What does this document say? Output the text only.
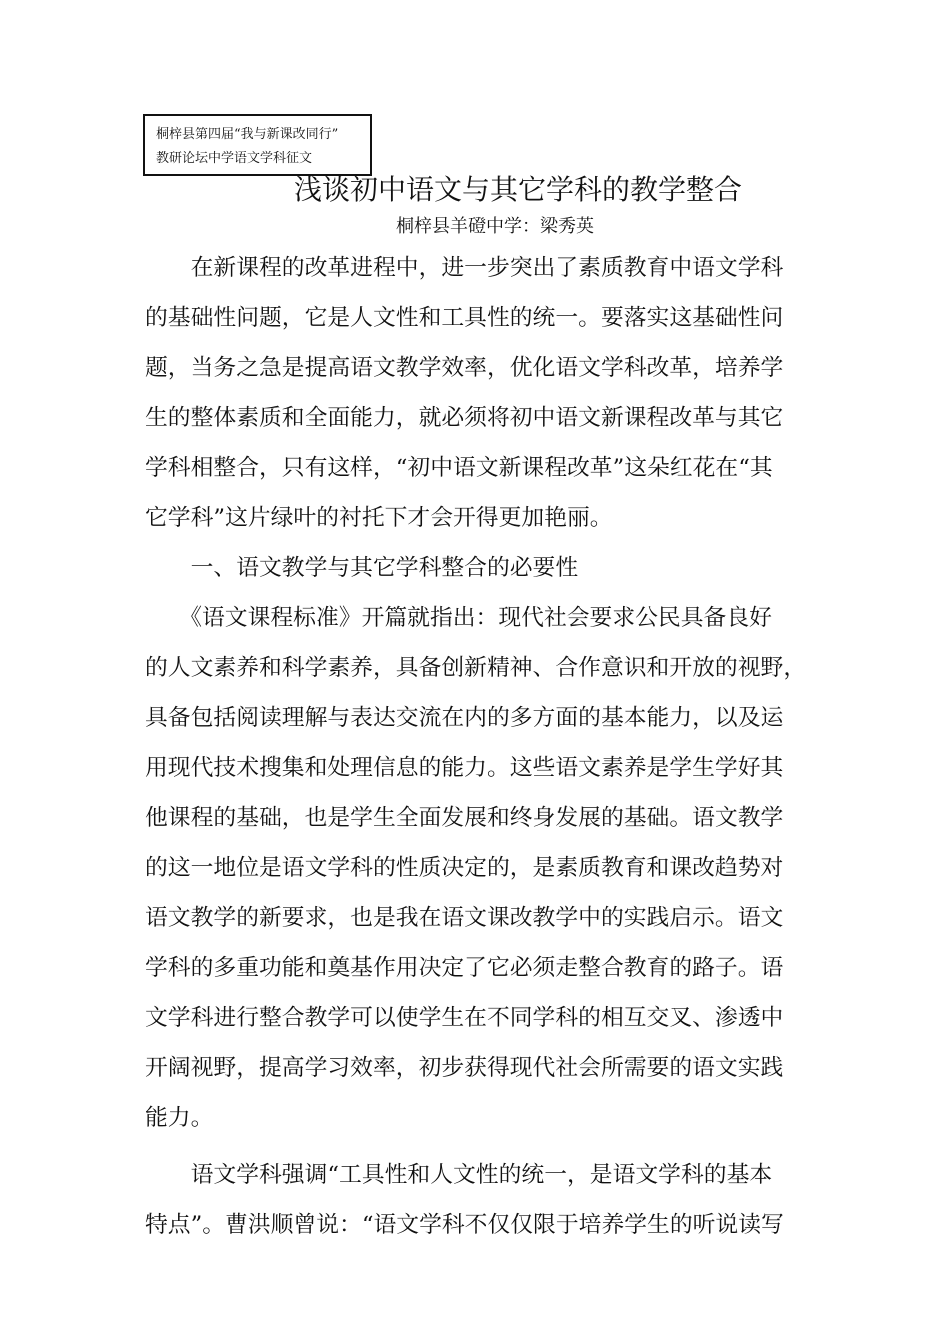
桐梓县第四届“我与新课改同行”
教研论坛中学语文学科征文
浅谈初中语文与其它学科的教学整合
桐梓县羊磴中学：梁秀英
　　在新课程的改革进程中，进一步突出了素质教育中语文学科
的基础性问题，它是人文性和工具性的统一。要落实这基础性问
题，当务之急是提高语文教学效率，优化语文学科改革，培养学
生的整体素质和全面能力，就必须将初中语文新课程改革与其它
学科相整合，只有这样，“初中语文新课程改革”这朵红花在“其
它学科”这片绿叶的衬托下才会开得更加艳丽。
　　一、语文教学与其它学科整合的必要性
　　《语文课程标准》开篇就指出：现代社会要求公民具备良好
的人文素养和科学素养，具备创新精神、合作意识和开放的视野，
具备包括阅读理解与表达交流在内的多方面的基本能力，以及运
用现代技术搜集和处理信息的能力。这些语文素养是学生学好其
他课程的基础，也是学生全面发展和终身发展的基础。语文教学
的这一地位是语文学科的性质决定的，是素质教育和课改趋势对
语文教学的新要求，也是我在语文课改教学中的实践启示。语文
学科的多重功能和奠基作用决定了它必须走整合教育的路子。语
文学科进行整合教学可以使学生在不同学科的相互交叉、渗透中
开阔视野，提高学习效率，初步获得现代社会所需要的语文实践
能力。
　　语文学科强调“工具性和人文性的统一，是语文学科的基本
特点”。曹洪顺曾说：“语文学科不仅仅限于培养学生的听说读写
